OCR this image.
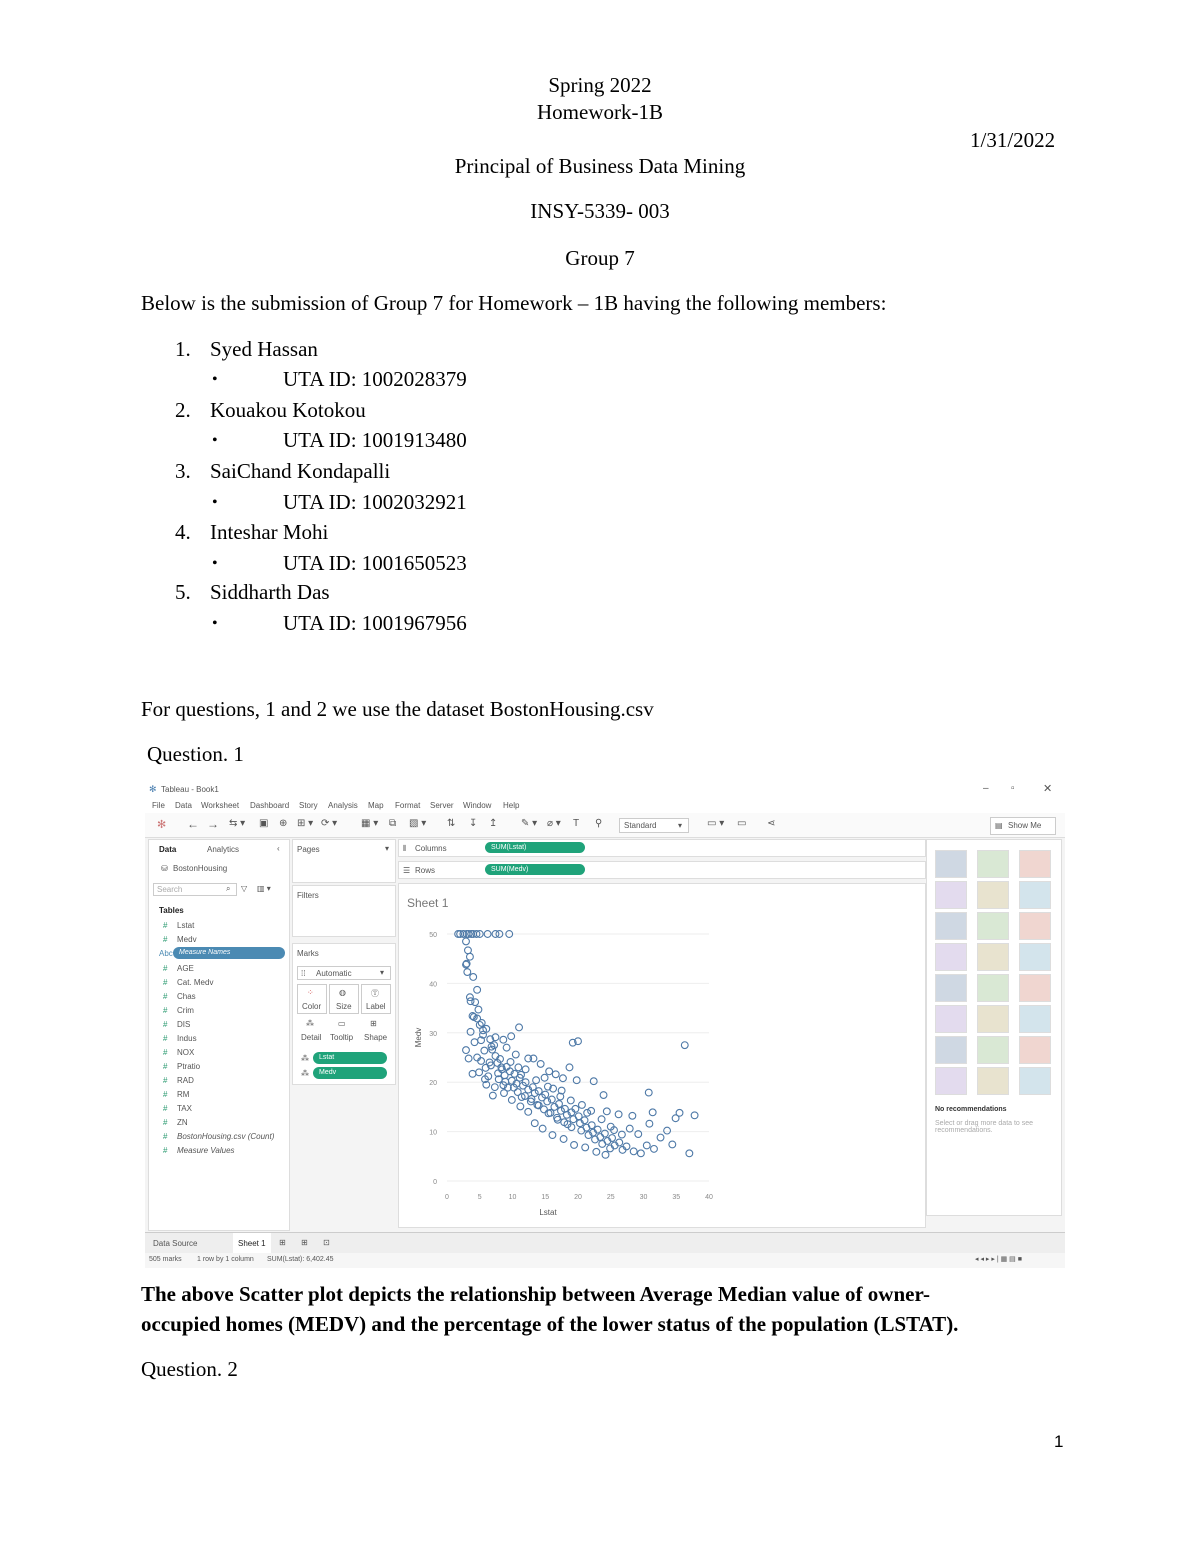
Spring 2022
Homework-1B
1/31/2022
Principal of Business Data Mining
INSY-5339- 003
Group 7
Below is the submission of Group 7 for Homework – 1B having the following members:
1. Syed Hassan
•	UTA ID: 1002028379
2. Kouakou Kotokou
•	UTA ID: 1001913480
3. SaiChand Kondapalli
•	UTA ID: 1002032921
4. Inteshar Mohi
•	UTA ID: 1001650523
5. Siddharth Das
•	UTA ID: 1001967956
For questions, 1 and 2 we use the dataset BostonHousing.csv
Question. 1
✻ Tableau - Book1	– ▫	✕
File Data Worksheet Dashboard Story Analysis Map Format Server Window Help
✻ ← → ⇆ ▾ ▣ ⊕ ⊞ ▾ ⟳ ▾ ▦ ▾ ⧉ ▧ ▾ ⇅ ↧ ↥ ✎ ▾ ⌀ ▾ T ⚲	Standard	▾ ▭ ▾ ▭ ⋖	▤ Show Me
Data	Analytics	‹
⛁ BostonHousing
Search	⌕ ▽ ▥ ▾
Tables
# Lstat
# Medv
Abc Measure Names
# AGE
# Cat. Medv
# Chas
# Crim
# DIS
# Indus
# NOX
# Ptratio
# RAD
# RM
# TAX
# ZN
# BostonHousing.csv (Count)
# Measure Values
Pages	▾
Filters
Marks
⁞⁞ Automatic	▾
⁘
Color
◍
Size
Ⓣ
Label
⁂
Detail
▭
Tooltip
⊞
Shape
⁂	Lstat
⁂	Medv
⫴ Columns	SUM(Lstat)
☰ Rows	SUM(Medv)
Sheet 1
0
10
20
30
40
50
0	5	10	15	20	25	30	35	40
Lstat
Medv
No recommendations
Select or drag more data to see recommendations.
Data Source	Sheet 1 ⊞ ⊞ ⊡
505 marks 1 row by 1 column SUM(Lstat): 6,402.45	◂ ◂ ▸ ▸ | ▦ ▤ ■
The above Scatter plot depicts the relationship between Average Median value of owner-
occupied homes (MEDV) and the percentage of the lower status of the population (LSTAT).
Question. 2
1
